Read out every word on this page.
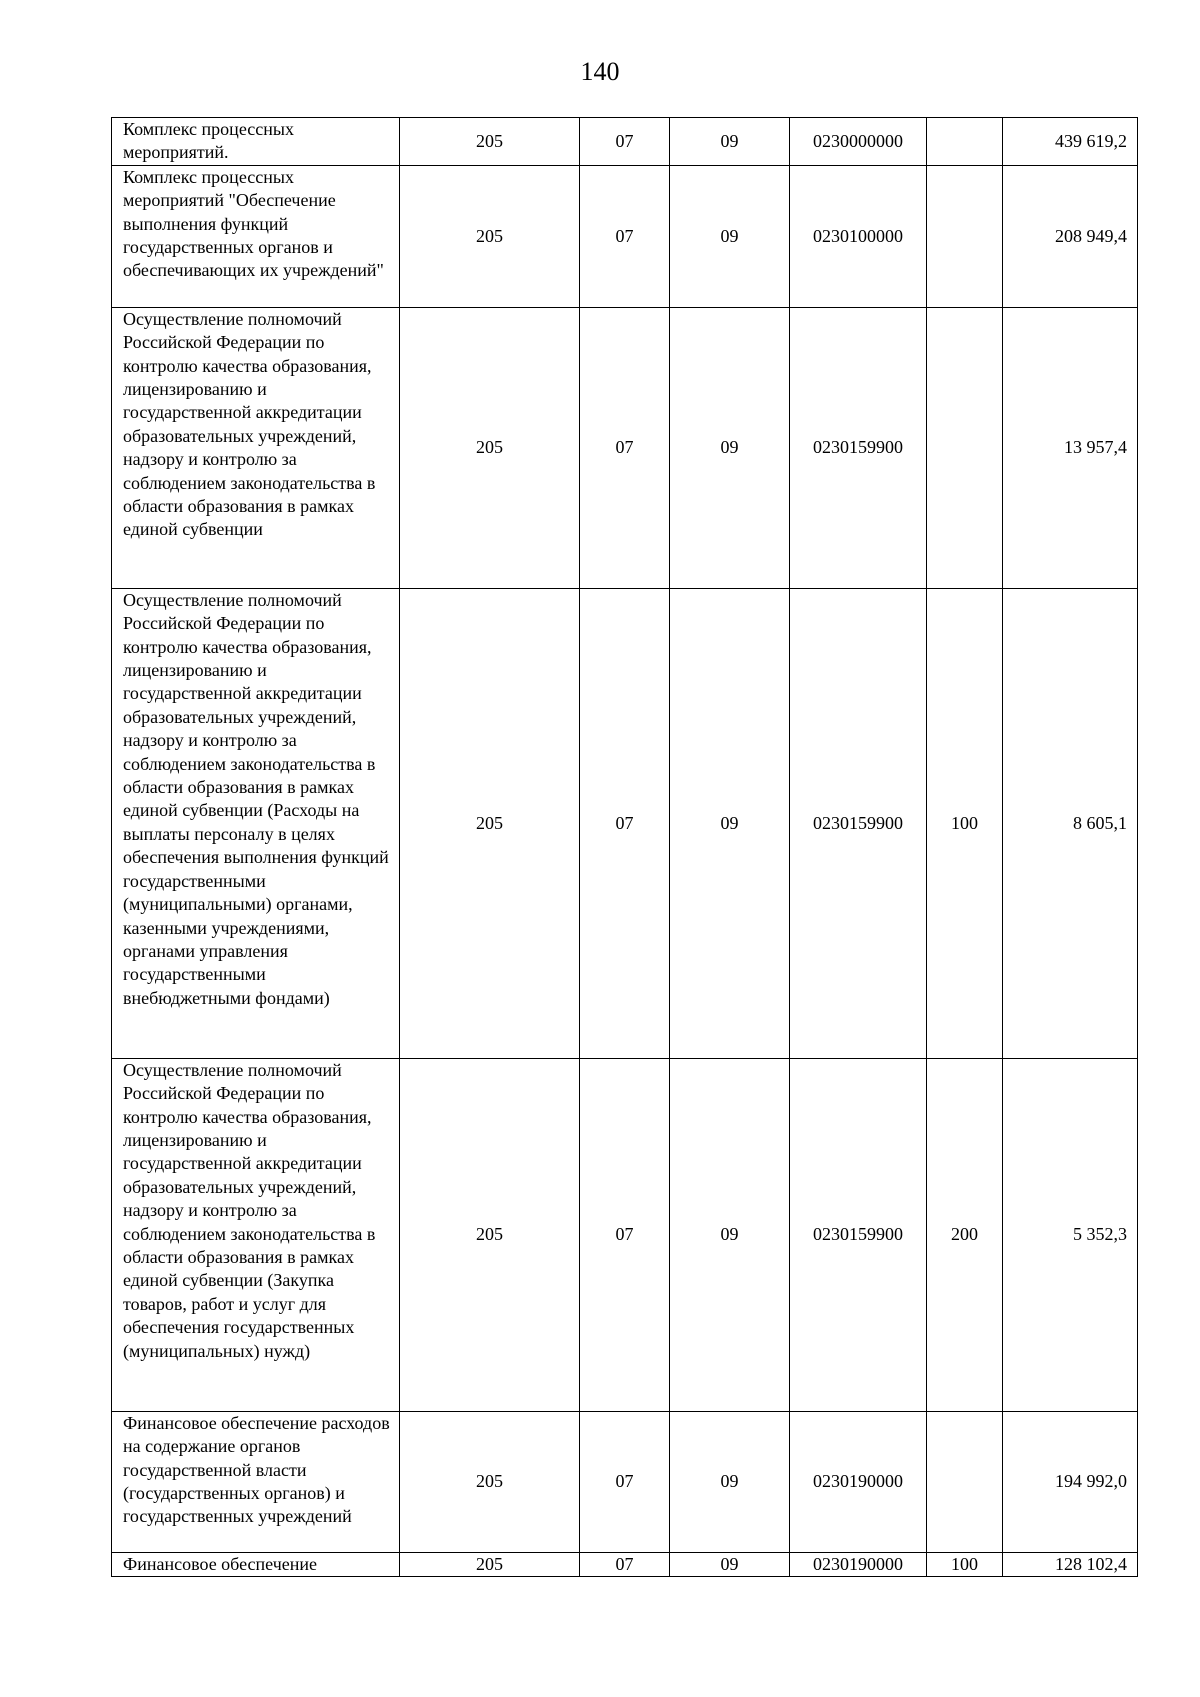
140
Комплекс процессных мероприятий.	205	07	09	0230000000		439 619,2
Комплекс процессных мероприятий "Обеспечение выполнения функций государственных органов и обеспечивающих их учреждений"	205	07	09	0230100000		208 949,4
Осуществление полномочий Российской Федерации по контролю качества образования, лицензированию и государственной аккредитации образовательных учреждений, надзору и контролю за соблюдением законодательства в области образования в рамках единой субвенции	205	07	09	0230159900		13 957,4
Осуществление полномочий Российской Федерации по контролю качества образования, лицензированию и государственной аккредитации образовательных учреждений, надзору и контролю за соблюдением законодательства в области образования в рамках единой субвенции (Расходы на выплаты персоналу в целях обеспечения выполнения функций государственными (муниципальными) органами, казенными учреждениями, органами управления государственными внебюджетными фондами)	205	07	09	0230159900	100	8 605,1
Осуществление полномочий Российской Федерации по контролю качества образования, лицензированию и государственной аккредитации образовательных учреждений, надзору и контролю за соблюдением законодательства в области образования в рамках единой субвенции (Закупка товаров, работ и услуг для обеспечения государственных (муниципальных) нужд)	205	07	09	0230159900	200	5 352,3
Финансовое обеспечение расходов на содержание органов государственной власти (государственных органов) и государственных учреждений	205	07	09	0230190000		194 992,0
Финансовое обеспечение	205	07	09	0230190000	100	128 102,4
